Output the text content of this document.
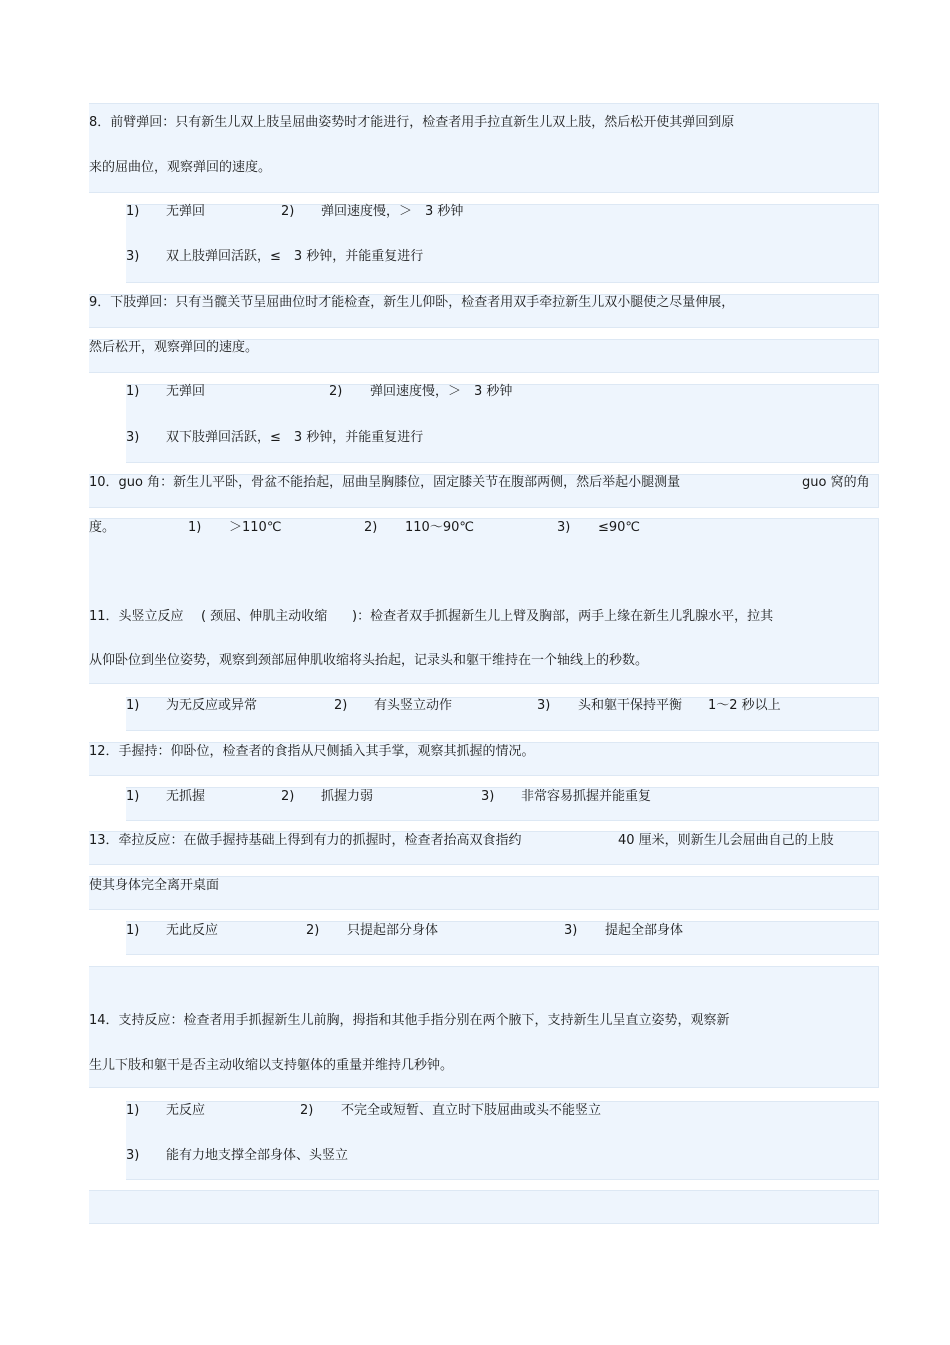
8．前臂弹回：只有新生儿双上肢呈屈曲姿势时才能进行，检查者用手拉直新生儿双上肢，然后松开使其弹回到原
来的屈曲位，观察弹回的速度。
1) 无弹回	2) 弹回速度慢，＞　3 秒钟
3) 双上肢弹回活跃，≤　3 秒钟，并能重复进行
9．下肢弹回：只有当髋关节呈屈曲位时才能检查，新生儿仰卧，检查者用双手牵拉新生儿双小腿使之尽量伸展，
然后松开，观察弹回的速度。
1) 无弹回	2) 弹回速度慢，＞　3 秒钟
3) 双下肢弹回活跃，≤　3 秒钟，并能重复进行
10．guo 角：新生儿平卧，骨盆不能抬起，屈曲呈胸膝位，固定膝关节在腹部两侧，然后举起小腿测量	guo 窝的角
度。	1) ＞110℃	2) 110～90℃	3) ≤90℃
11．头竖立反应 ( 颈屈、伸肌主动收缩 )：检查者双手抓握新生儿上臂及胸部，两手上缘在新生儿乳腺水平，拉其
从仰卧位到坐位姿势，观察到颈部屈伸肌收缩将头抬起，记录头和躯干维持在一个轴线上的秒数。
1) 为无反应或异常	2) 有头竖立动作	3) 头和躯干保持平衡 1～2 秒以上
12．手握持：仰卧位，检查者的食指从尺侧插入其手掌，观察其抓握的情况。
1) 无抓握	2) 抓握力弱	3) 非常容易抓握并能重复
13．牵拉反应：在做手握持基础上得到有力的抓握时，检查者抬高双食指约	40 厘米，则新生儿会屈曲自己的上肢
使其身体完全离开桌面
1) 无此反应	2) 只提起部分身体	3) 提起全部身体
14．支持反应：检查者用手抓握新生儿前胸，拇指和其他手指分别在两个腋下，支持新生儿呈直立姿势，观察新
生儿下肢和躯干是否主动收缩以支持躯体的重量并维持几秒钟。
1) 无反应	2) 不完全或短暂、直立时下肢屈曲或头不能竖立
3) 能有力地支撑全部身体、头竖立
